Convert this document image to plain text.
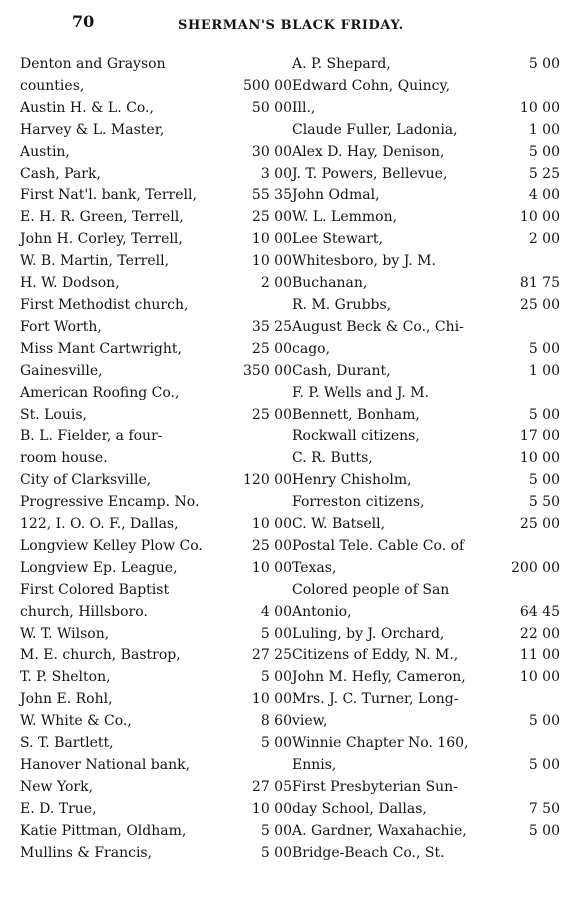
70	SHERMAN'S BLACK FRIDAY.
Denton and Grayson
counties,	500 00
Austin H. & L. Co.,	50 00
Harvey & L. Master,
Austin,	30 00
Cash, Park,	3 00
First Nat'l. bank, Terrell,	55 35
E. H. R. Green, Terrell,	25 00
John H. Corley, Terrell,	10 00
W. B. Martin, Terrell,	10 00
H. W. Dodson,	2 00
First Methodist church,
Fort Worth,	35 25
Miss Mant Cartwright,	25 00
Gainesville,	350 00
American Roofing Co.,
St. Louis,	25 00
B. L. Fielder, a four-
room house.
City of Clarksville,	120 00
Progressive Encamp. No.
122, I. O. O. F., Dallas,	10 00
Longview Kelley Plow Co.	25 00
Longview Ep. League,	10 00
First Colored Baptist
church, Hillsboro.	4 00
W. T. Wilson,	5 00
M. E. church, Bastrop,	27 25
T. P. Shelton,	5 00
John E. Rohl,	10 00
W. White & Co.,	8 60
S. T. Bartlett,	5 00
Hanover National bank,
New York,	27 05
E. D. True,	10 00
Katie Pittman, Oldham,	5 00
Mullins & Francis,	5 00
A. P. Shepard,	5 00
Edward Cohn, Quincy,
Ill.,	10 00
Claude Fuller, Ladonia,	1 00
Alex D. Hay, Denison,	5 00
J. T. Powers, Bellevue,	5 25
John Odmal,	4 00
W. L. Lemmon,	10 00
Lee Stewart,	2 00
Whitesboro, by J. M.
Buchanan,	81 75
R. M. Grubbs,	25 00
August Beck & Co., Chi-
cago,	5 00
Cash, Durant,	1 00
F. P. Wells and J. M.
Bennett, Bonham,	5 00
Rockwall citizens,	17 00
C. R. Butts,	10 00
Henry Chisholm,	5 00
Forreston citizens,	5 50
C. W. Batsell,	25 00
Postal Tele. Cable Co. of
Texas,	200 00
Colored people of San
Antonio,	64 45
Luling, by J. Orchard,	22 00
Citizens of Eddy, N. M.,	11 00
John M. Hefly, Cameron,	10 00
Mrs. J. C. Turner, Long-
view,	5 00
Winnie Chapter No. 160,
Ennis,	5 00
First Presbyterian Sun-
day School, Dallas,	7 50
A. Gardner, Waxahachie,	5 00
Bridge-Beach Co., St.
